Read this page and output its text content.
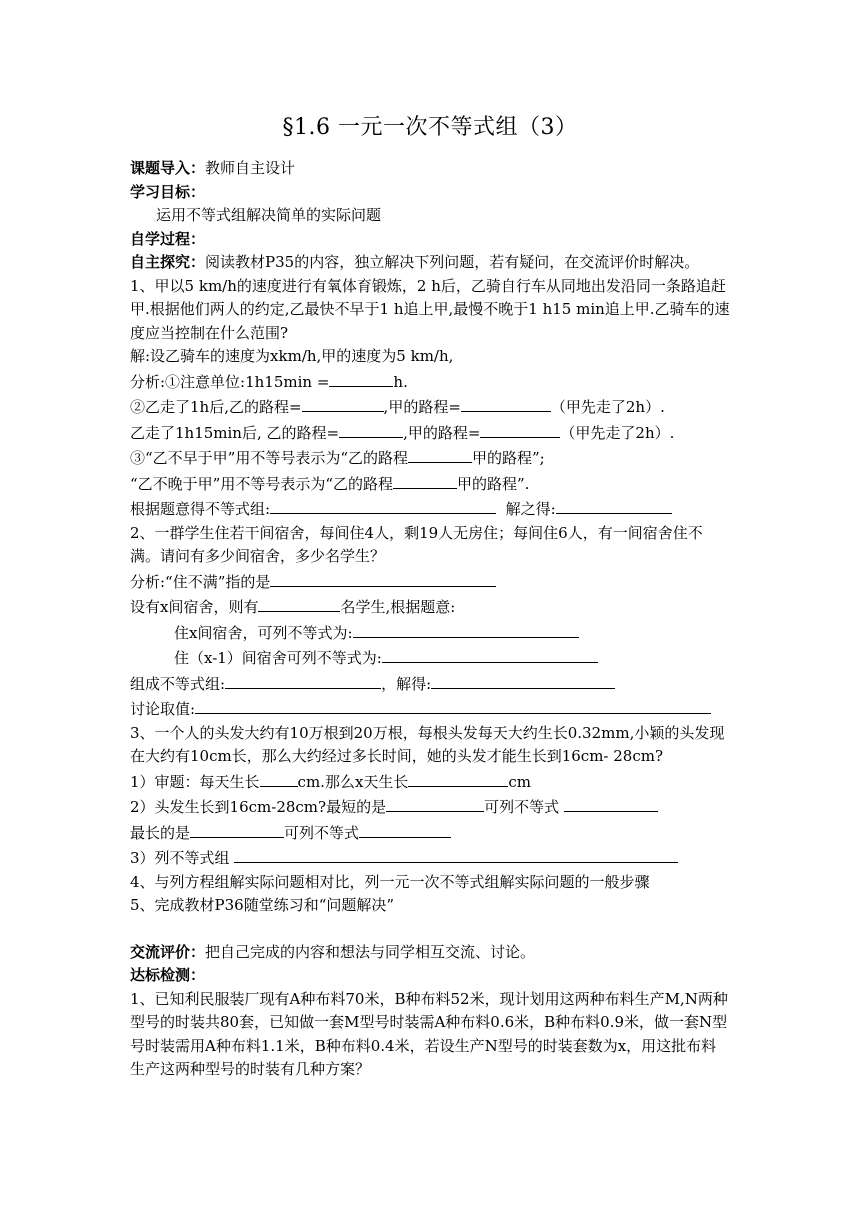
§1.6 一元一次不等式组（3）
课题导入：教师自主设计
学习目标：
运用不等式组解决简单的实际问题
自学过程：
自主探究：阅读教材P35的内容，独立解决下列问题，若有疑问，在交流评价时解决。
1、甲以5 km/h的速度进行有氧体育锻炼，2 h后，乙骑自行车从同地出发沿同一条路追赶甲.根据他们两人的约定,乙最快不早于1 h追上甲,最慢不晚于1 h15 min追上甲.乙骑车的速度应当控制在什么范围?
解:设乙骑车的速度为xkm/h,甲的速度为5 km/h,
分析:①注意单位:1h15min =	h.
②乙走了1h后,乙的路程=	,甲的路程=	（甲先走了2h）.
乙走了1h15min后, 乙的路程=	,甲的路程=	（甲先走了2h）.
③“乙不早于甲”用不等号表示为“乙的路程	甲的路程”;
“乙不晚于甲”用不等号表示为“乙的路程	甲的路程”.
根据题意得不等式组:	解之得:
2、一群学生住若干间宿舍，每间住4人，剩19人无房住；每间住6人，有一间宿舍住不满。请问有多少间宿舍，多少名学生？
分析:“住不满”指的是
设有x间宿舍，则有	名学生,根据题意:
住x间宿舍，可列不等式为:
住（x-1）间宿舍可列不等式为:
组成不等式组:	，解得:
讨论取值:
3、一个人的头发大约有10万根到20万根，每根头发每天大约生长0.32mm,小颖的头发现在大约有10cm长，那么大约经过多长时间，她的头发才能生长到16cm- 28cm?
1）审题：每天生长	cm.那么x天生长	cm
2）头发生长到16cm-28cm?最短的是	可列不等式
最长的是	可列不等式
3）列不等式组
4、与列方程组解实际问题相对比，列一元一次不等式组解实际问题的一般步骤
5、完成教材P36随堂练习和“问题解决”
交流评价：把自己完成的内容和想法与同学相互交流、讨论。
达标检测：
1、已知利民服装厂现有A种布料70米，B种布料52米，现计划用这两种布料生产M,N两种型号的时装共80套，已知做一套M型号时装需A种布料0.6米，B种布料0.9米，做一套N型号时装需用A种布料1.1米，B种布料0.4米，若设生产N型号的时装套数为x，用这批布料生产这两种型号的时装有几种方案？
